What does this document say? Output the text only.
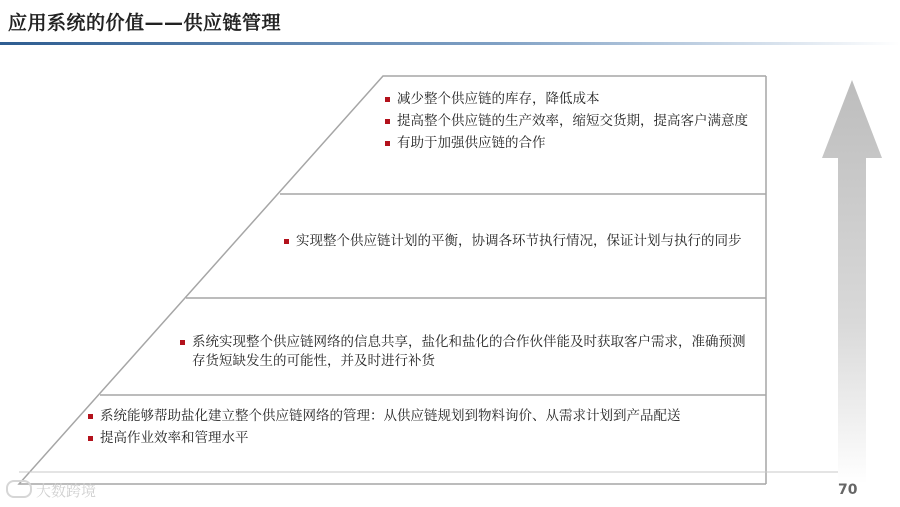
应用系统的价值——供应链管理
减少整个供应链的库存，降低成本
提高整个供应链的生产效率，缩短交货期，提高客户满意度
有助于加强供应链的合作
实现整个供应链计划的平衡，协调各环节执行情况，保证计划与执行的同步
系统实现整个供应链网络的信息共享，盐化和盐化的合作伙伴能及时获取客户需求，准确预测存货短缺发生的可能性，并及时进行补货
系统能够帮助盐化建立整个供应链网络的管理：从供应链规划到物料询价、从需求计划到产品配送
提高作业效率和管理水平
70
大数跨境
